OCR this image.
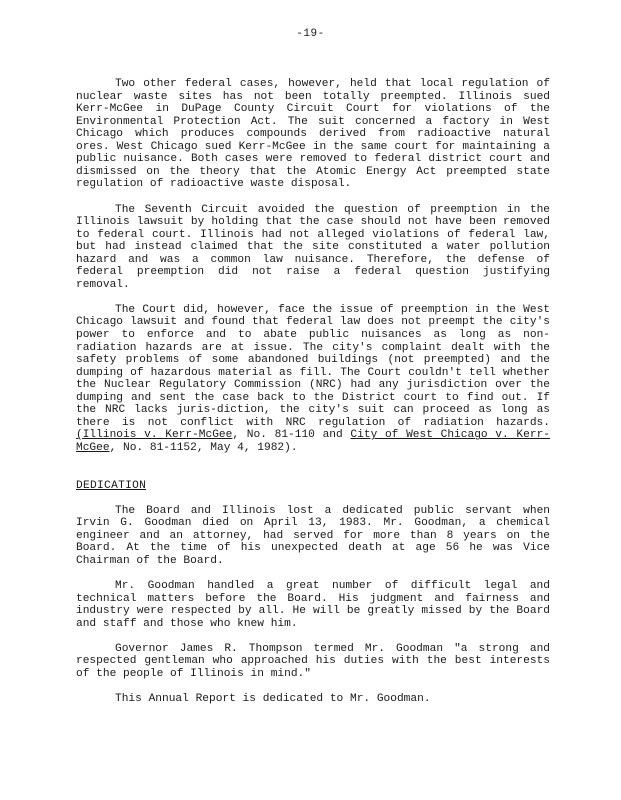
-19-

Two other federal cases, however, held that local regulation of nuclear waste sites has not been totally preempted. Illinois sued Kerr-McGee in DuPage County Circuit Court for violations of the Environmental Protection Act. The suit concerned a factory in West Chicago which produces compounds derived from radioactive natural ores. West Chicago sued Kerr-McGee in the same court for maintaining a public nuisance. Both cases were removed to federal district court and dismissed on the theory that the Atomic Energy Act preempted state regulation of radioactive waste disposal.

The Seventh Circuit avoided the question of preemption in the Illinois lawsuit by holding that the case should not have been removed to federal court. Illinois had not alleged violations of federal law, but had instead claimed that the site constituted a water pollution hazard and was a common law nuisance. Therefore, the defense of federal preemption did not raise a federal question justifying removal.

The Court did, however, face the issue of preemption in the West Chicago lawsuit and found that federal law does not preempt the city's power to enforce and to abate public nuisances as long as non-radiation hazards are at issue. The city's complaint dealt with the safety problems of some abandoned buildings (not preempted) and the dumping of hazardous material as fill. The Court couldn't tell whether the Nuclear Regulatory Commission (NRC) had any jurisdiction over the dumping and sent the case back to the District court to find out. If the NRC lacks juris-diction, the city's suit can proceed as long as there is not conflict with NRC regulation of radiation hazards. (Illinois v. Kerr-McGee, No. 81-110 and City of West Chicago v. Kerr-McGee, No. 81-1152, May 4, 1982).

DEDICATION

The Board and Illinois lost a dedicated public servant when Irvin G. Goodman died on April 13, 1983. Mr. Goodman, a chemical engineer and an attorney, had served for more than 8 years on the Board. At the time of his unexpected death at age 56 he was Vice Chairman of the Board.

Mr. Goodman handled a great number of difficult legal and technical matters before the Board. His judgment and fairness and industry were respected by all. He will be greatly missed by the Board and staff and those who knew him.

Governor James R. Thompson termed Mr. Goodman "a strong and respected gentleman who approached his duties with the best interests of the people of Illinois in mind."

This Annual Report is dedicated to Mr. Goodman.
